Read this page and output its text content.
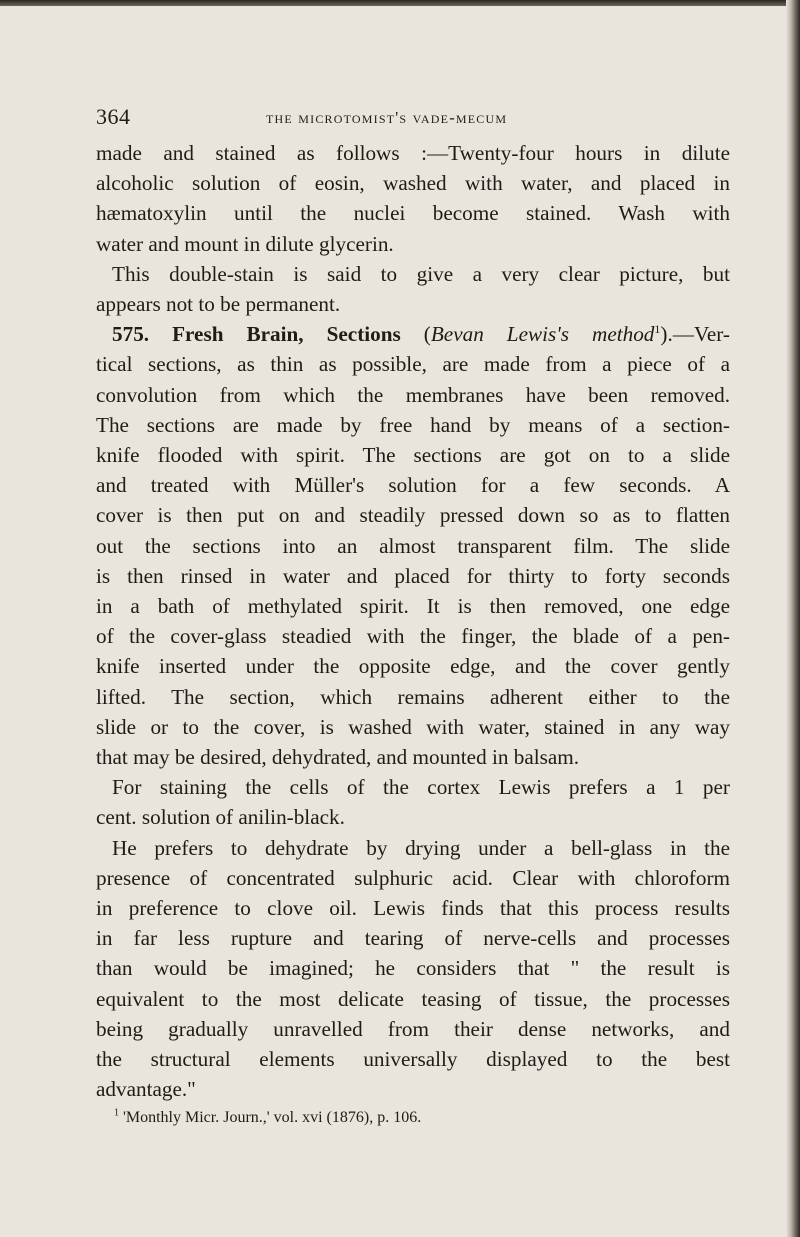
364	the microtomist's vade-mecum
made and stained as follows :—Twenty-four hours in dilute
alcoholic solution of eosin, washed with water, and placed in
hæmatoxylin until the nuclei become stained. Wash with
water and mount in dilute glycerin.
This double-stain is said to give a very clear picture, but
appears not to be permanent.
575. Fresh Brain, Sections (Bevan Lewis's method$^1$).—Ver-
tical sections, as thin as possible, are made from a piece of a
convolution from which the membranes have been removed.
The sections are made by free hand by means of a section-
knife flooded with spirit. The sections are got on to a slide
and treated with Müller's solution for a few seconds. A
cover is then put on and steadily pressed down so as to flatten
out the sections into an almost transparent film. The slide
is then rinsed in water and placed for thirty to forty seconds
in a bath of methylated spirit. It is then removed, one edge
of the cover-glass steadied with the finger, the blade of a pen-
knife inserted under the opposite edge, and the cover gently
lifted. The section, which remains adherent either to the
slide or to the cover, is washed with water, stained in any way
that may be desired, dehydrated, and mounted in balsam.
For staining the cells of the cortex Lewis prefers a 1 per
cent. solution of anilin-black.
He prefers to dehydrate by drying under a bell-glass in the
presence of concentrated sulphuric acid. Clear with chloroform
in preference to clove oil. Lewis finds that this process results
in far less rupture and tearing of nerve-cells and processes
than would be imagined; he considers that " the result is
equivalent to the most delicate teasing of tissue, the processes
being gradually unravelled from their dense networks, and
the structural elements universally displayed to the best
advantage."
$^1$ 'Monthly Micr. Journ.,' vol. xvi (1876), p. 106.
